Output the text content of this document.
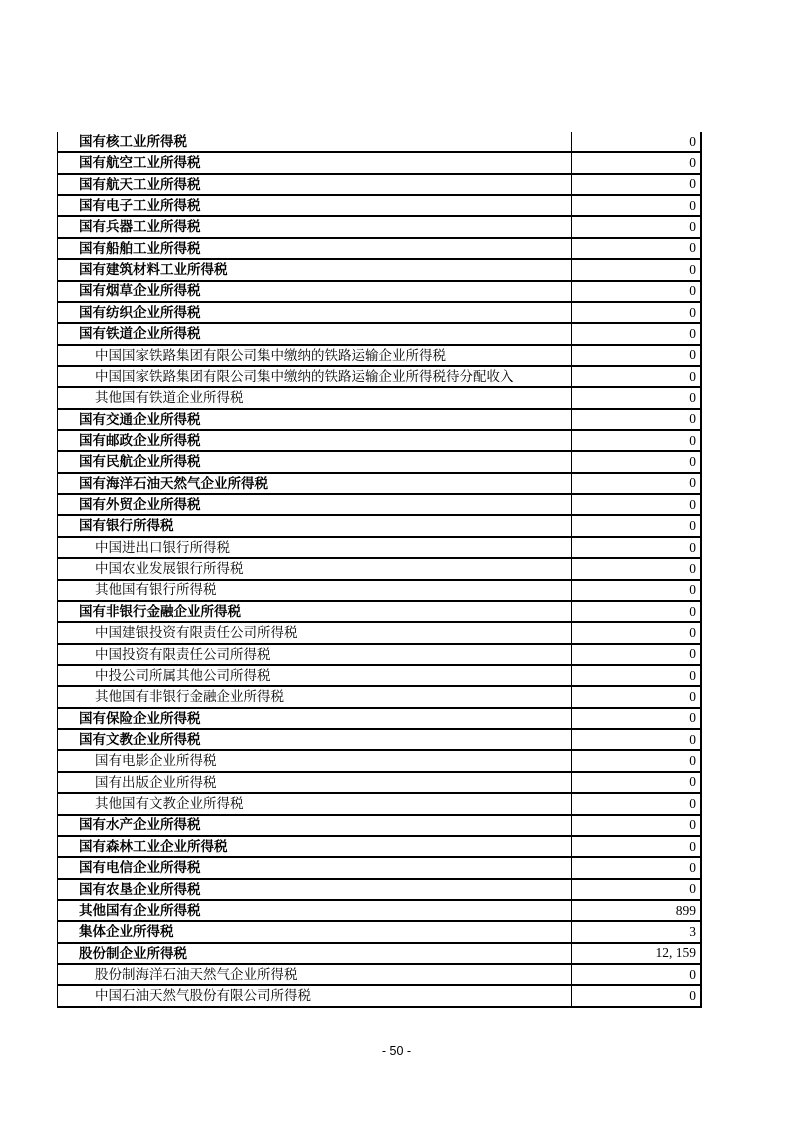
国有核工业所得税	0
国有航空工业所得税	0
国有航天工业所得税	0
国有电子工业所得税	0
国有兵器工业所得税	0
国有船舶工业所得税	0
国有建筑材料工业所得税	0
国有烟草企业所得税	0
国有纺织企业所得税	0
国有铁道企业所得税	0
中国国家铁路集团有限公司集中缴纳的铁路运输企业所得税	0
中国国家铁路集团有限公司集中缴纳的铁路运输企业所得税待分配收入	0
其他国有铁道企业所得税	0
国有交通企业所得税	0
国有邮政企业所得税	0
国有民航企业所得税	0
国有海洋石油天然气企业所得税	0
国有外贸企业所得税	0
国有银行所得税	0
中国进出口银行所得税	0
中国农业发展银行所得税	0
其他国有银行所得税	0
国有非银行金融企业所得税	0
中国建银投资有限责任公司所得税	0
中国投资有限责任公司所得税	0
中投公司所属其他公司所得税	0
其他国有非银行金融企业所得税	0
国有保险企业所得税	0
国有文教企业所得税	0
国有电影企业所得税	0
国有出版企业所得税	0
其他国有文教企业所得税	0
国有水产企业所得税	0
国有森林工业企业所得税	0
国有电信企业所得税	0
国有农垦企业所得税	0
其他国有企业所得税	899
集体企业所得税	3
股份制企业所得税	12, 159
股份制海洋石油天然气企业所得税	0
中国石油天然气股份有限公司所得税	0
- 50 -
